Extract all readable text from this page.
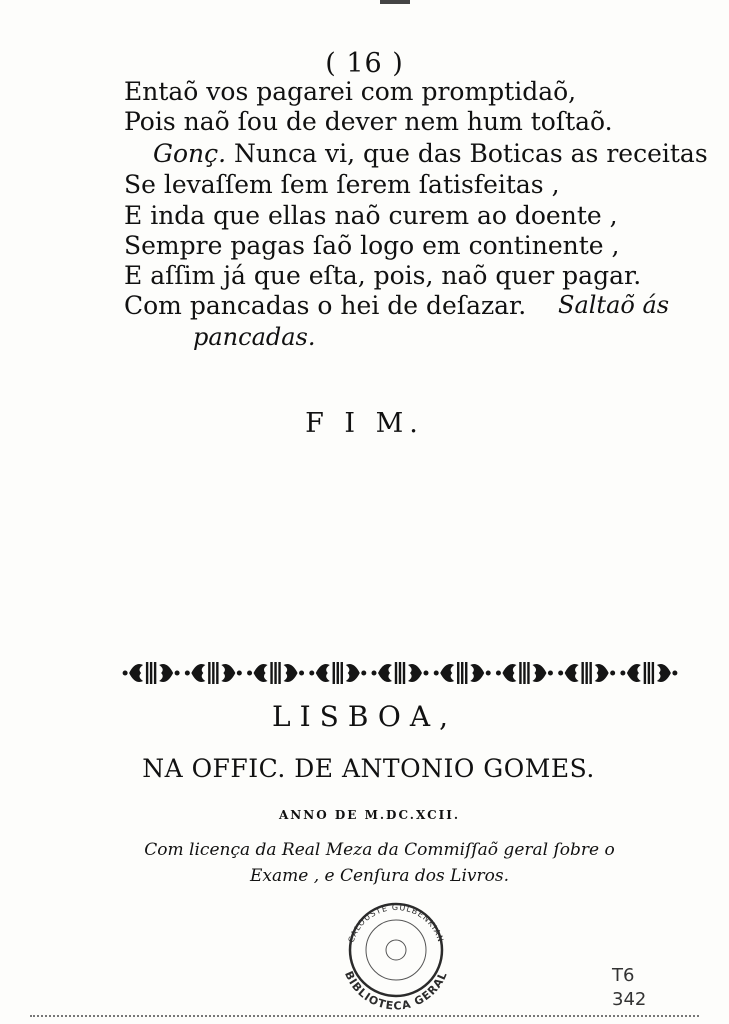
( 16 )
Entaõ vos pagarei com promptidaõ,
Pois naõ ſou de dever nem hum toſtaõ.
Gonç. Nunca vi, que das Boticas as receitas
Se levaſſem ſem ſerem ſatisfeitas ,
E inda que ellas naõ curem ao doente ,
Sempre pagas ſaõ logo em continente ,
E aſſim já que eſta, pois, naõ quer pagar.
Com pancadas o hei de deſazar. Saltaõ ás
pancadas.
F I M.
LISBOA,
NA OFFIC. DE ANTONIO GOMES.
ANNO DE M.DC.XCII.
Com licença da Real Meza da Commiſſaõ geral ſobre o
Exame , e Cenſura dos Livros.
CALOUSTE GULBENKIAN
BIBLIOTECA GERAL	T6
342
